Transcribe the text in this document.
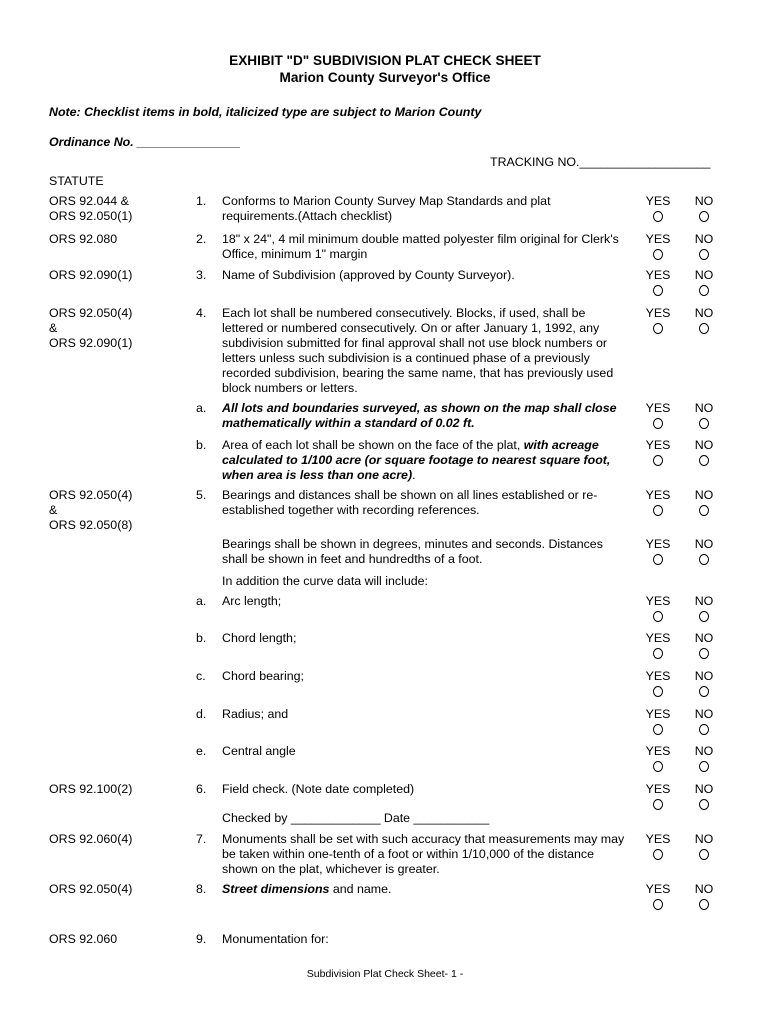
EXHIBIT "D" SUBDIVISION PLAT CHECK SHEET
Marion County Surveyor's Office
Note: Checklist items in bold, italicized type are subject to Marion County
Ordinance No. _______________
TRACKING NO.___________________
STATUTE
ORS 92.044 &
ORS 92.050(1)
1.	Conforms to Marion County Survey Map Standards and plat
requirements.(Attach checklist)
YES	NO
ORS 92.080	2.	18" x 24", 4 mil minimum double matted polyester film original for Clerk's
Office, minimum 1" margin
YES	NO
ORS 92.090(1)	3.	Name of Subdivision (approved by County Surveyor).	YES	NO
ORS 92.050(4)
&
ORS 92.090(1)
4.	Each lot shall be numbered consecutively. Blocks, if used, shall be
lettered or numbered consecutively. On or after January 1, 1992, any
subdivision submitted for final approval shall not use block numbers or
letters unless such subdivision is a continued phase of a previously
recorded subdivision, bearing the same name, that has previously used
block numbers or letters.
YES	NO
a.	All lots and boundaries surveyed, as shown on the map shall close
mathematically within a standard of 0.02 ft.
YES	NO
b.	Area of each lot shall be shown on the face of the plat, with acreage
calculated to 1/100 acre (or square footage to nearest square foot,
when area is less than one acre).
YES	NO
ORS 92.050(4)
&
ORS 92.050(8)
5.	Bearings and distances shall be shown on all lines established or re-
established together with recording references.
YES	NO
Bearings shall be shown in degrees, minutes and seconds. Distances
shall be shown in feet and hundredths of a foot.
YES	NO
In addition the curve data will include:
a.	Arc length;	YES	NO
b.	Chord length;	YES	NO
c.	Chord bearing;	YES	NO
d.	Radius; and	YES	NO
e.	Central angle	YES	NO
ORS 92.100(2)	6.	Field check. (Note date completed)	YES	NO
Checked by _____________ Date ___________
ORS 92.060(4)	7.	Monuments shall be set with such accuracy that measurements may may
be taken within one-tenth of a foot or within 1/10,000 of the distance
shown on the plat, whichever is greater.
YES	NO
ORS 92.050(4)	8.	Street dimensions and name.	YES	NO
ORS 92.060	9.	Monumentation for:
Subdivision Plat Check Sheet- 1 -
